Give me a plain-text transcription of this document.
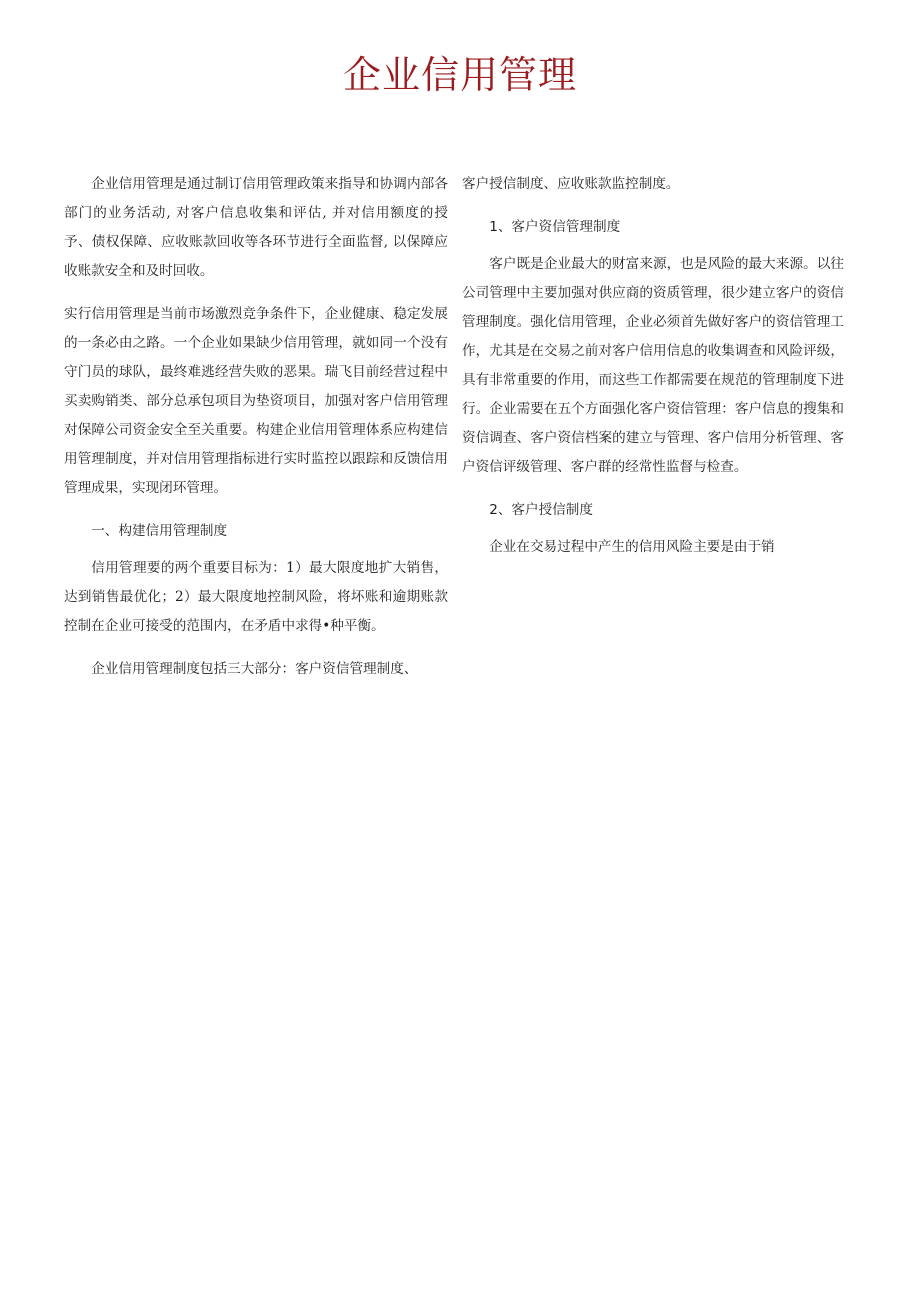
企业信用管理

企业信用管理是通过制订信用管理政策来指导和协调内部各部门的业务活动, 对客户信息收集和评估, 并对信用额度的授予、债权保障、应收账款回收等各环节进行全面监督, 以保障应收账款安全和及时回收。

实行信用管理是当前市场激烈竞争条件下，企业健康、稳定发展的一条必由之路。一个企业如果缺少信用管理，就如同一个没有守门员的球队，最终难逃经营失败的恶果。瑞飞目前经营过程中买卖购销类、部分总承包项目为垫资项目，加强对客户信用管理对保障公司资金安全至关重要。构建企业信用管理体系应构建信用管理制度，并对信用管理指标进行实时监控以跟踪和反馈信用管理成果，实现闭环管理。

一、构建信用管理制度

信用管理要的两个重要目标为：1）最大限度地扩大销售，达到销售最优化；2）最大限度地控制风险，将坏账和逾期账款控制在企业可接受的范围内，在矛盾中求得•种平衡。

企业信用管理制度包括三大部分：客户资信管理制度、

客户授信制度、应收账款监控制度。

1、客户资信管理制度

客户既是企业最大的财富来源，也是风险的最大来源。以往公司管理中主要加强对供应商的资质管理，很少建立客户的资信管理制度。强化信用管理，企业必须首先做好客户的资信管理工作，尤其是在交易之前对客户信用信息的收集调查和风险评级，具有非常重要的作用，而这些工作都需要在规范的管理制度下进行。企业需要在五个方面强化客户资信管理：客户信息的搜集和资信调查、客户资信档案的建立与管理、客户信用分析管理、客户资信评级管理、客户群的经常性监督与检查。

2、客户授信制度

企业在交易过程中产生的信用风险主要是由于销
